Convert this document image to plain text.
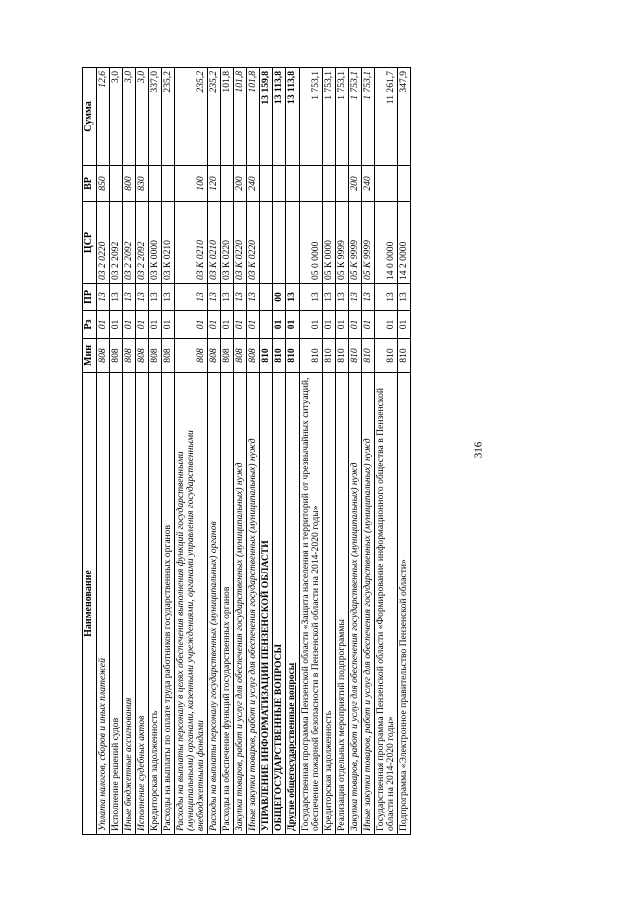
316
Наименование	Мин	Рз	ПР	ЦСР	ВР	Сумма
Уплата налогов, сборов и иных платежей	808	01	13	03 2 0220	850	12,6
Исполнение решений судов	808	01	13	03 2 2092		3,0
Иные бюджетные ассигнования	808	01	13	03 2 2092	800	3,0
Исполнение судебных актов	808	01	13	03 2 2092	830	3,0
Кредиторская задолженность	808	01	13	03 К 0000		337,0
Расходы на выплаты по оплате труда работников государственных органов	808	01	13	03 К 0210		235,2
Расходы на выплаты персоналу в целях обеспечения выполнения функций государственными (муниципальными) органами, казенными учреждениями, органами управления государственными внебюджетными фондами	808	01	13	03 К 0210	100	235,2
Расходы на выплаты персоналу государственных (муниципальных) органов	808	01	13	03 К 0210	120	235,2
Расходы на обеспечение функций государственных органов	808	01	13	03 К 0220		101,8
Закупка товаров, работ и услуг для обеспечения государственных (муниципальных) нужд	808	01	13	03 К 0220	200	101,8
Иные закупки товаров, работ и услуг для обеспечения государственных (муниципальных) нужд	808	01	13	03 К 0220	240	101,8
УПРАВЛЕНИЕ ИНФОРМАТИЗАЦИИ ПЕНЗЕНСКОЙ ОБЛАСТИ	810					13 159,8
ОБЩЕГОСУДАРСТВЕННЫЕ ВОПРОСЫ	810	01	00			13 113,8
Другие общегосударственные вопросы	810	01	13			13 113,8
Государственная программа Пензенской области «Защита населения и территорий от чрезвычайных ситуаций, обеспечение пожарной безопасности в Пензенской области на 2014-2020 годы»	810	01	13	05 0 0000		1 753,1
Кредиторская задолженность	810	01	13	05 К 0000		1 753,1
Реализация отдельных мероприятий подпрограммы	810	01	13	05 К 9999		1 753,1
Закупка товаров, работ и услуг для обеспечения государственных (муниципальных) нужд	810	01	13	05 К 9999	200	1 753,1
Иные закупки товаров, работ и услуг для обеспечения государственных (муниципальных) нужд	810	01	13	05 К 9999	240	1 753,1
Государственная программа Пензенской области «Формирование информационного общества в Пензенской области на 2014-2020 годы»	810	01	13	14 0 0000		11 261,7
Подпрограмма «Электронное правительство Пензенской области»	810	01	13	14 2 0000		347,9
